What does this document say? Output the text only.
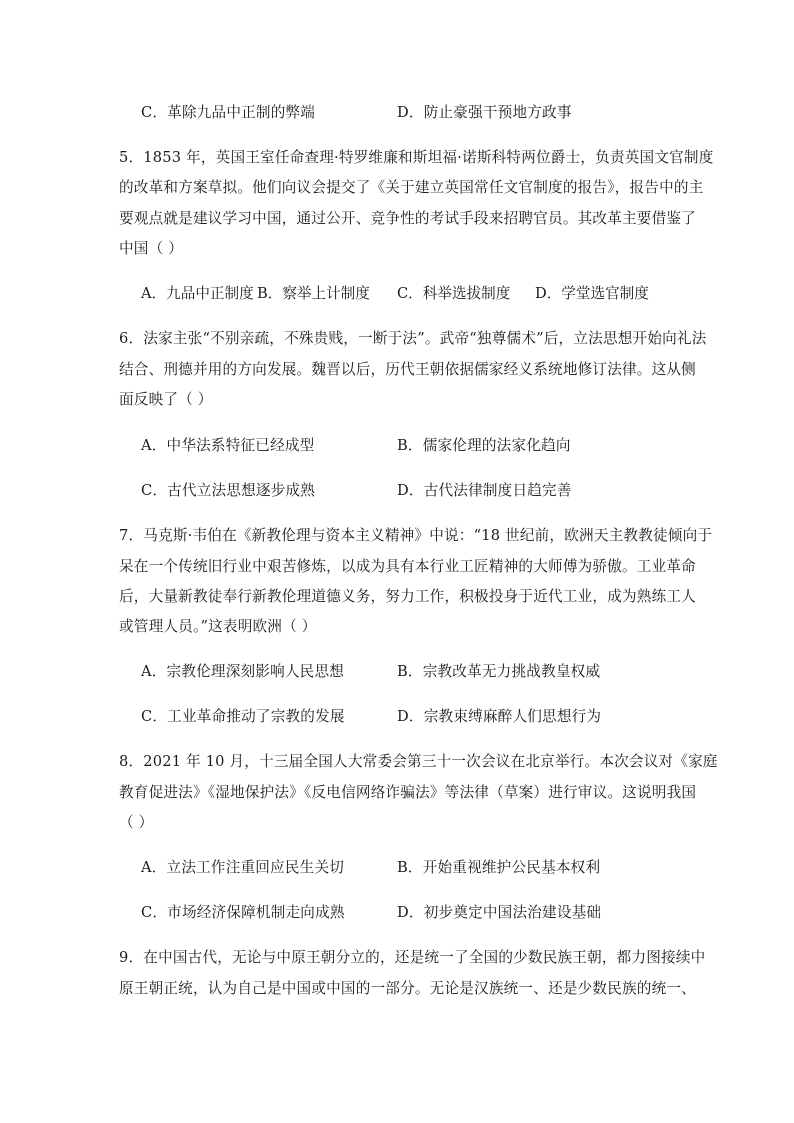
C．革除九品中正制的弊端	D．防止豪强干预地方政事
5．1853 年，英国王室任命查理·特罗维廉和斯坦福·诺斯科特两位爵士，负责英国文官制度
的改革和方案草拟。他们向议会提交了《关于建立英国常任文官制度的报告》，报告中的主
要观点就是建议学习中国，通过公开、竞争性的考试手段来招聘官员。其改革主要借鉴了
中国（ ）
A．九品中正制度 B．察举上计制度 C．科举选拔制度 D．学堂选官制度
6．法家主张“不别亲疏，不殊贵贱，一断于法”。武帝“独尊儒术”后，立法思想开始向礼法
结合、刑德并用的方向发展。魏晋以后，历代王朝依据儒家经义系统地修订法律。这从侧
面反映了（ ）
A．中华法系特征已经成型	B．儒家伦理的法家化趋向
C．古代立法思想逐步成熟	D．古代法律制度日趋完善
7．马克斯·韦伯在《新教伦理与资本主义精神》中说：“18 世纪前，欧洲天主教教徒倾向于
呆在一个传统旧行业中艰苦修炼，以成为具有本行业工匠精神的大师傅为骄傲。工业革命
后，大量新教徒奉行新教伦理道德义务，努力工作，积极投身于近代工业，成为熟练工人
或管理人员。”这表明欧洲（ ）
A．宗教伦理深刻影响人民思想	B．宗教改革无力挑战教皇权威
C．工业革命推动了宗教的发展	D．宗教束缚麻醉人们思想行为
8．2021 年 10 月，十三届全国人大常委会第三十一次会议在北京举行。本次会议对《家庭
教育促进法》《湿地保护法》《反电信网络诈骗法》等法律（草案）进行审议。这说明我国
（ ）
A．立法工作注重回应民生关切	B．开始重视维护公民基本权利
C．市场经济保障机制走向成熟	D．初步奠定中国法治建设基础
9．在中国古代，无论与中原王朝分立的，还是统一了全国的少数民族王朝，都力图接续中
原王朝正统，认为自己是中国或中国的一部分。无论是汉族统一、还是少数民族的统一、
